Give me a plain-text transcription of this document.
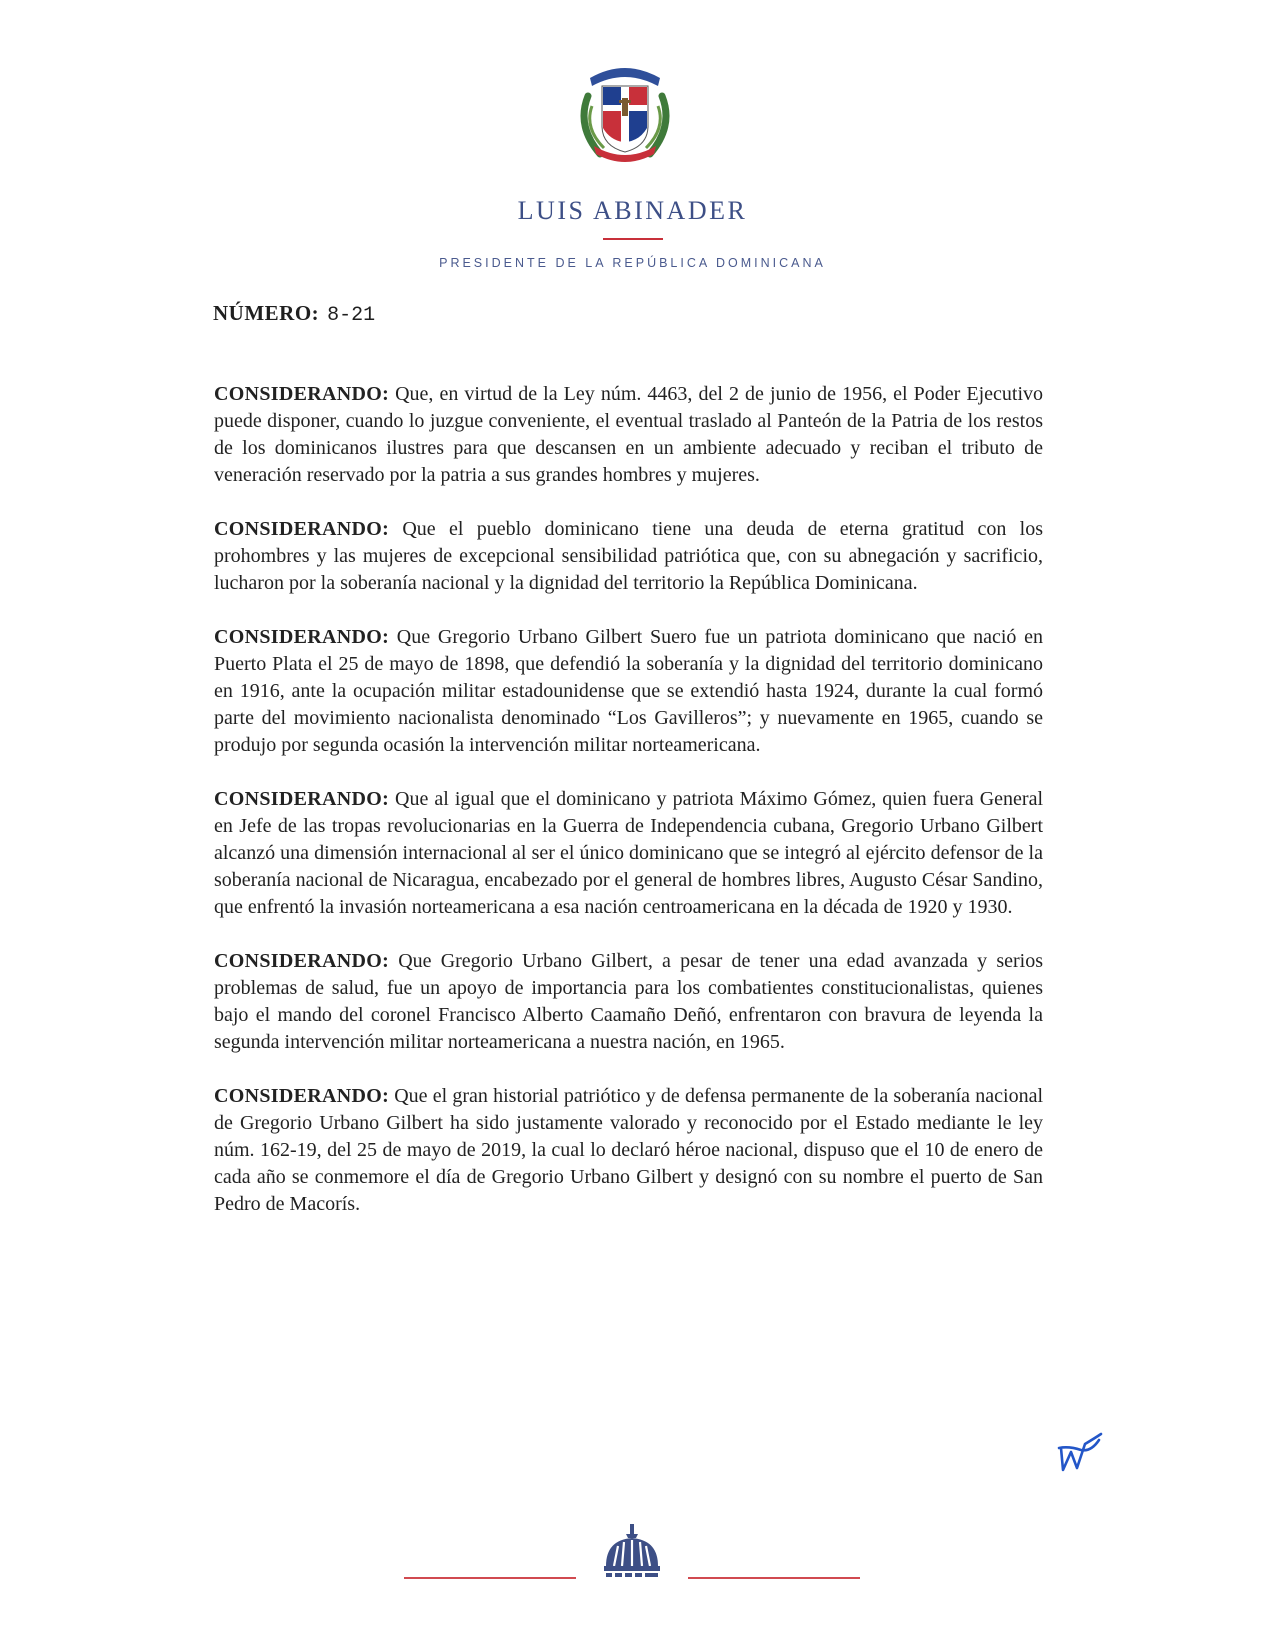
LUIS ABINADER
PRESIDENTE DE LA REPÚBLICA DOMINICANA
NÚMERO: 8-21

CONSIDERANDO: Que, en virtud de la Ley núm. 4463, del 2 de junio de 1956, el Poder Ejecutivo puede disponer, cuando lo juzgue conveniente, el eventual traslado al Panteón de la Patria de los restos de los dominicanos ilustres para que descansen en un ambiente adecuado y reciban el tributo de veneración reservado por la patria a sus grandes hombres y mujeres.

CONSIDERANDO: Que el pueblo dominicano tiene una deuda de eterna gratitud con los prohombres y las mujeres de excepcional sensibilidad patriótica que, con su abnegación y sacrificio, lucharon por la soberanía nacional y la dignidad del territorio la República Dominicana.

CONSIDERANDO: Que Gregorio Urbano Gilbert Suero fue un patriota dominicano que nació en Puerto Plata el 25 de mayo de 1898, que defendió la soberanía y la dignidad del territorio dominicano en 1916, ante la ocupación militar estadounidense que se extendió hasta 1924, durante la cual formó parte del movimiento nacionalista denominado “Los Gavilleros”; y nuevamente en 1965, cuando se produjo por segunda ocasión la intervención militar norteamericana.

CONSIDERANDO: Que al igual que el dominicano y patriota Máximo Gómez, quien fuera General en Jefe de las tropas revolucionarias en la Guerra de Independencia cubana, Gregorio Urbano Gilbert alcanzó una dimensión internacional al ser el único dominicano que se integró al ejército defensor de la soberanía nacional de Nicaragua, encabezado por el general de hombres libres, Augusto César Sandino, que enfrentó la invasión norteamericana a esa nación centroamericana en la década de 1920 y 1930.

CONSIDERANDO: Que Gregorio Urbano Gilbert, a pesar de tener una edad avanzada y serios problemas de salud, fue un apoyo de importancia para los combatientes constitucionalistas, quienes bajo el mando del coronel Francisco Alberto Caamaño Deñó, enfrentaron con bravura de leyenda la segunda intervención militar norteamericana a nuestra nación, en 1965.

CONSIDERANDO: Que el gran historial patriótico y de defensa permanente de la soberanía nacional de Gregorio Urbano Gilbert ha sido justamente valorado y reconocido por el Estado mediante le ley núm. 162-19, del 25 de mayo de 2019, la cual lo declaró héroe nacional, dispuso que el 10 de enero de cada año se conmemore el día de Gregorio Urbano Gilbert y designó con su nombre el puerto de San Pedro de Macorís.
